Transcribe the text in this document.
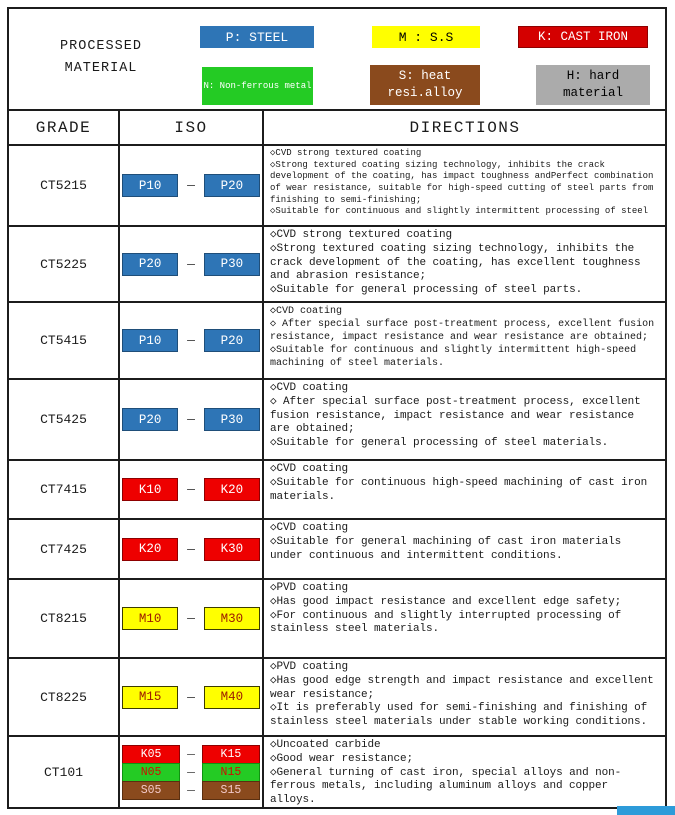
PROCESSED
MATERIAL
P: STEEL	M : S.S	K: CAST IRON
N: Non-ferrous metal
S: heat
resi.alloy
H: hard
material
GRADE	ISO	DIRECTIONS
CT5215	P10	—	P20
◇CVD strong textured coating
◇Strong textured coating sizing technology, inhibits the crack development of the coating, has impact toughness andPerfect combination of wear resistance, suitable for high-speed cutting of steel parts from finishing to semi-finishing;
◇Suitable for continuous and slightly intermittent processing of steel
CT5225	P20	—	P30
◇CVD strong textured coating
◇Strong textured coating sizing technology, inhibits the crack development of the coating, has excellent toughness and abrasion resistance;
◇Suitable for general processing of steel parts.
CT5415	P10	—	P20
◇CVD coating
◇ After special surface post-treatment process, excellent fusion resistance, impact resistance and wear resistance are obtained;
◇Suitable for continuous and slightly intermittent high-speed machining of steel materials.
CT5425	P20	—	P30
◇CVD coating
◇ After special surface post-treatment process, excellent fusion resistance, impact resistance and wear resistance are obtained;
◇Suitable for general processing of steel materials.
CT7415	K10	—	K20
◇CVD coating
◇Suitable for continuous high-speed machining of cast iron materials.
CT7425	K20	—	K30
◇CVD coating
◇Suitable for general machining of cast iron materials under continuous and intermittent conditions.
CT8215	M10	—	M30
◇PVD coating
◇Has good impact resistance and excellent edge safety;
◇For continuous and slightly interrupted processing of stainless steel materials.
CT8225	M15	—	M40
◇PVD coating
◇Has good edge strength and impact resistance and excellent wear resistance;
◇It is preferably used for semi-finishing and finishing of stainless steel materials under stable working conditions.
CT101
K05	—	K15
N05	—	N15
S05	—	S15
◇Uncoated carbide
◇Good wear resistance;
◇General turning of cast iron, special alloys and non-ferrous metals, including aluminum alloys and copper alloys.
